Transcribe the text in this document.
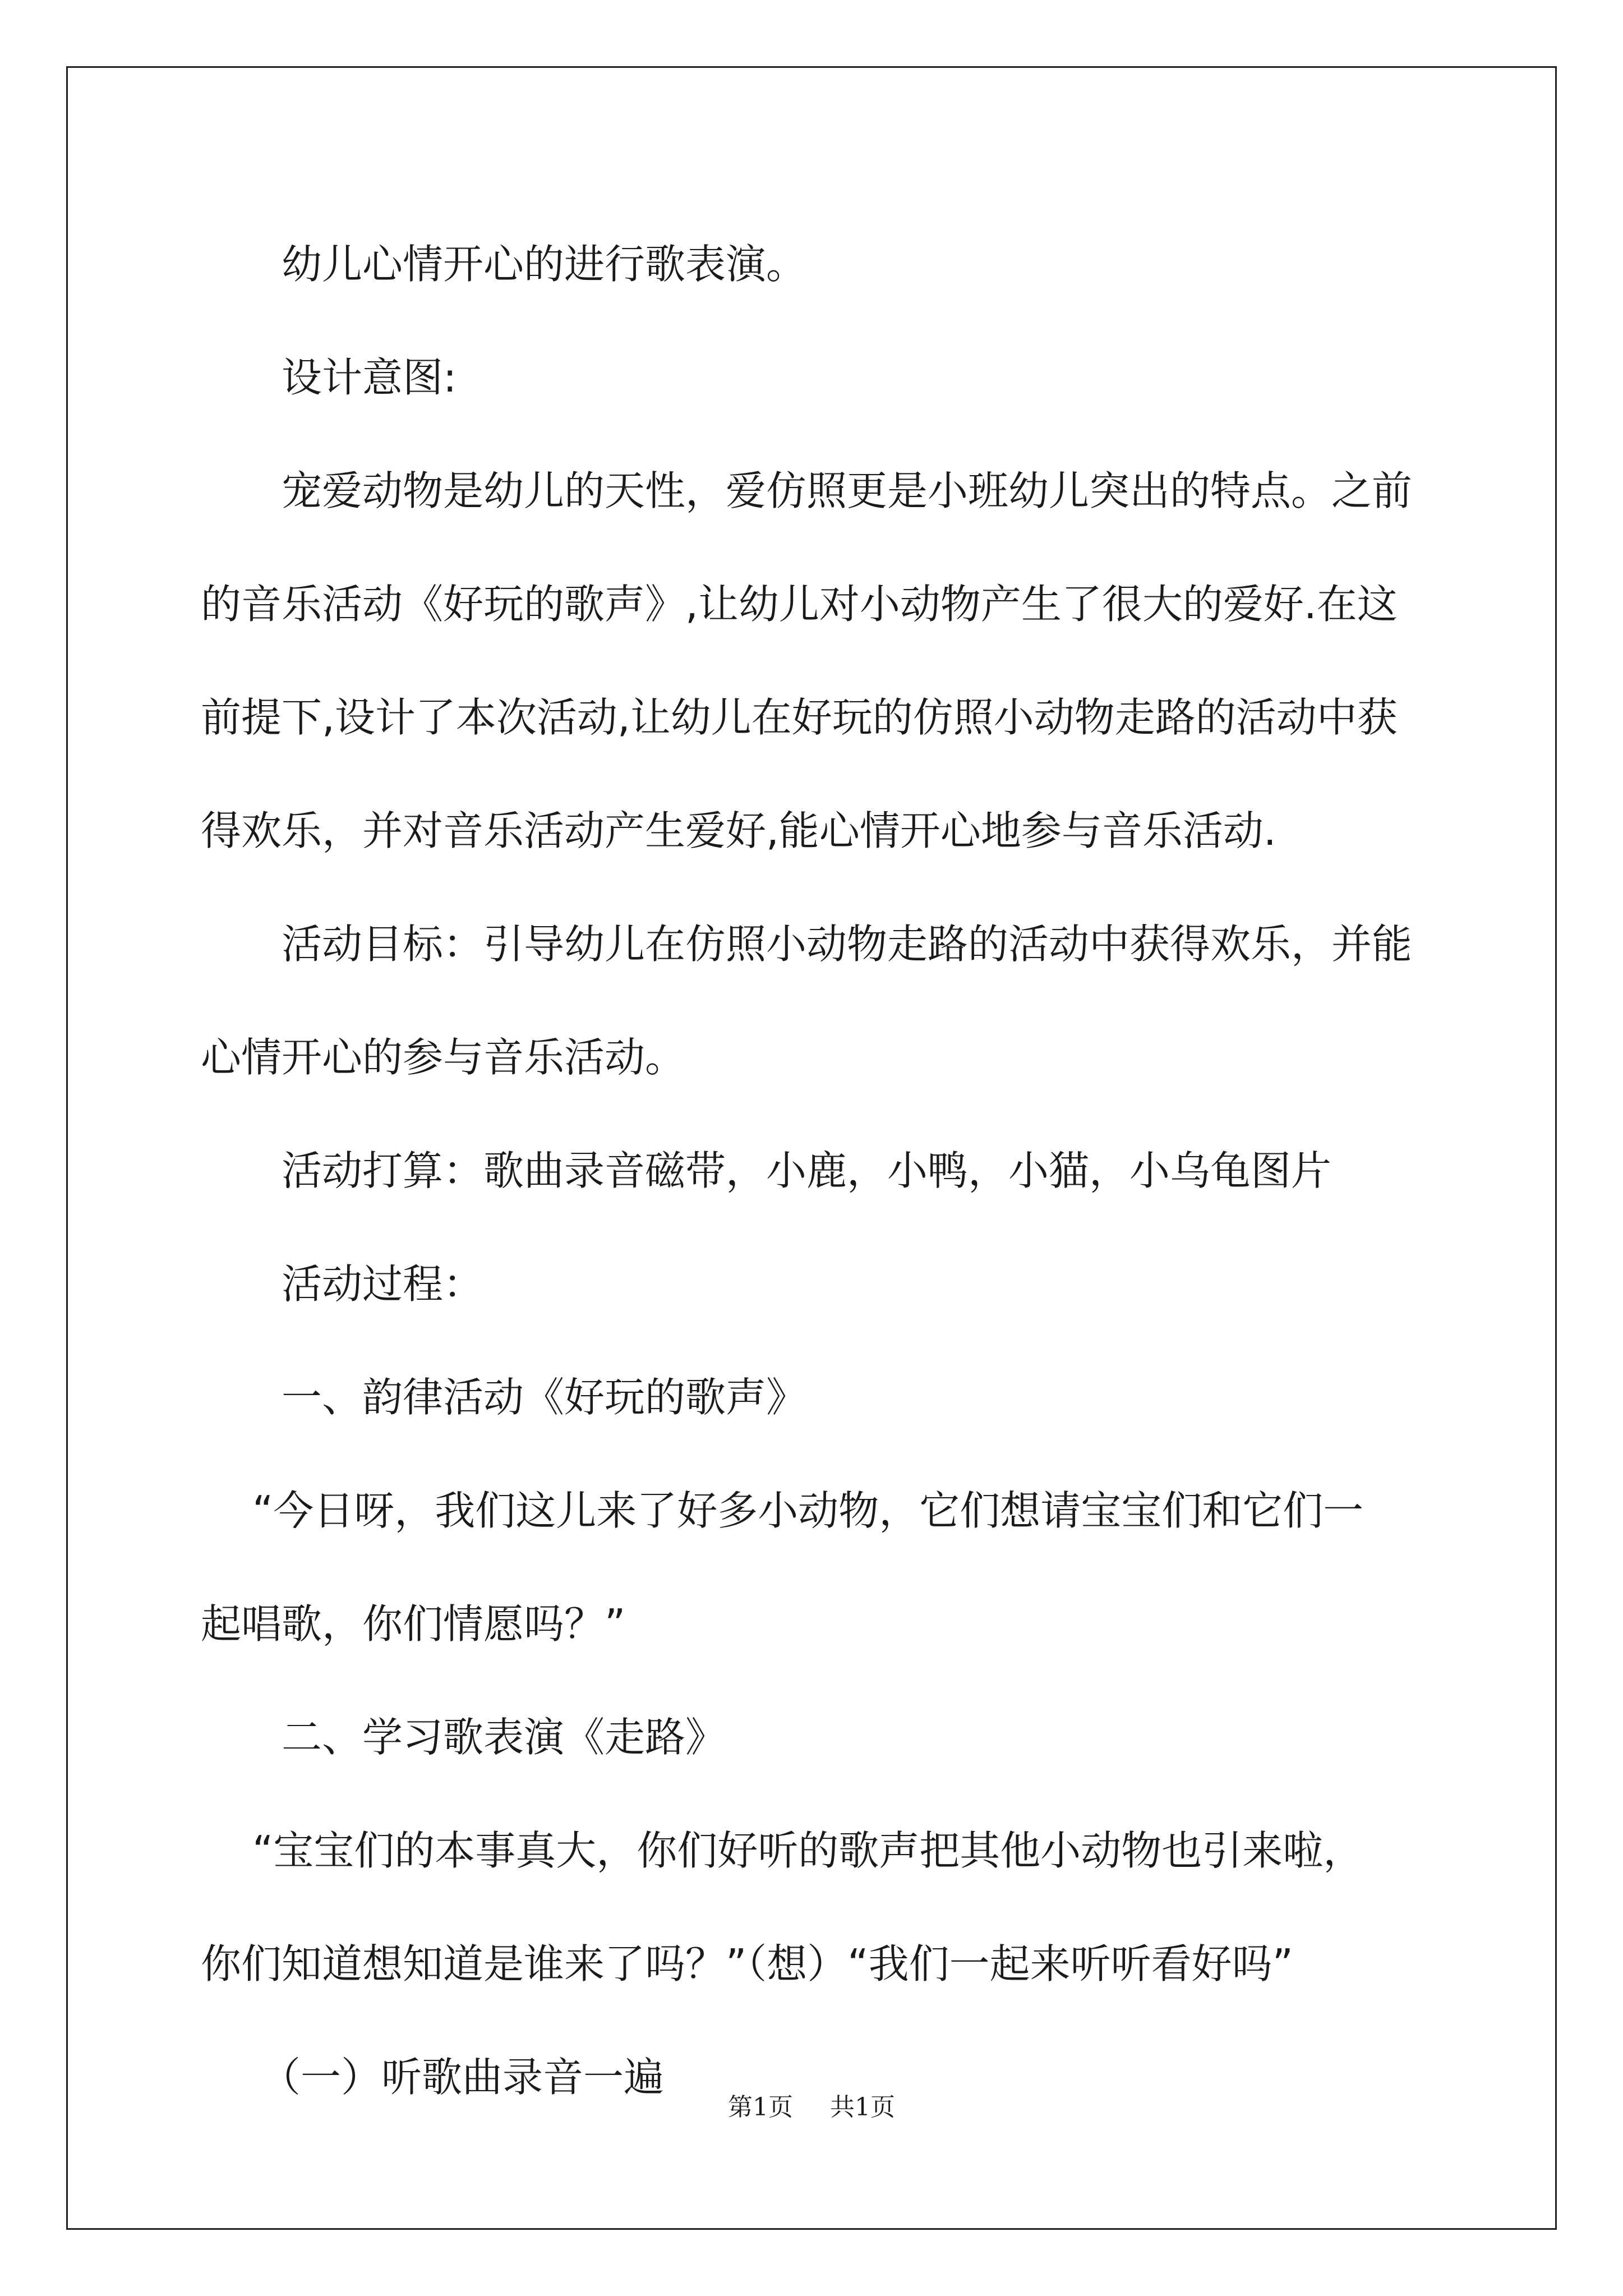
幼儿心情开心的进行歌表演。

设计意图:

宠爱动物是幼儿的天性，爱仿照更是小班幼儿突出的特点。之前

的音乐活动《好玩的歌声》,让幼儿对小动物产生了很大的爱好.在这

前提下,设计了本次活动,让幼儿在好玩的仿照小动物走路的活动中获

得欢乐，并对音乐活动产生爱好,能心情开心地参与音乐活动.

活动目标：引导幼儿在仿照小动物走路的活动中获得欢乐，并能

心情开心的参与音乐活动。

活动打算：歌曲录音磁带，小鹿，小鸭，小猫，小乌龟图片

活动过程：

一、韵律活动《好玩的歌声》

“今日呀，我们这儿来了好多小动物，它们想请宝宝们和它们一

起唱歌，你们情愿吗？”

二、学习歌表演《走路》

“宝宝们的本事真大，你们好听的歌声把其他小动物也引来啦，

你们知道想知道是谁来了吗？”（想）“我们一起来听听看好吗”

（一）听歌曲录音一遍

第1页 共1页
